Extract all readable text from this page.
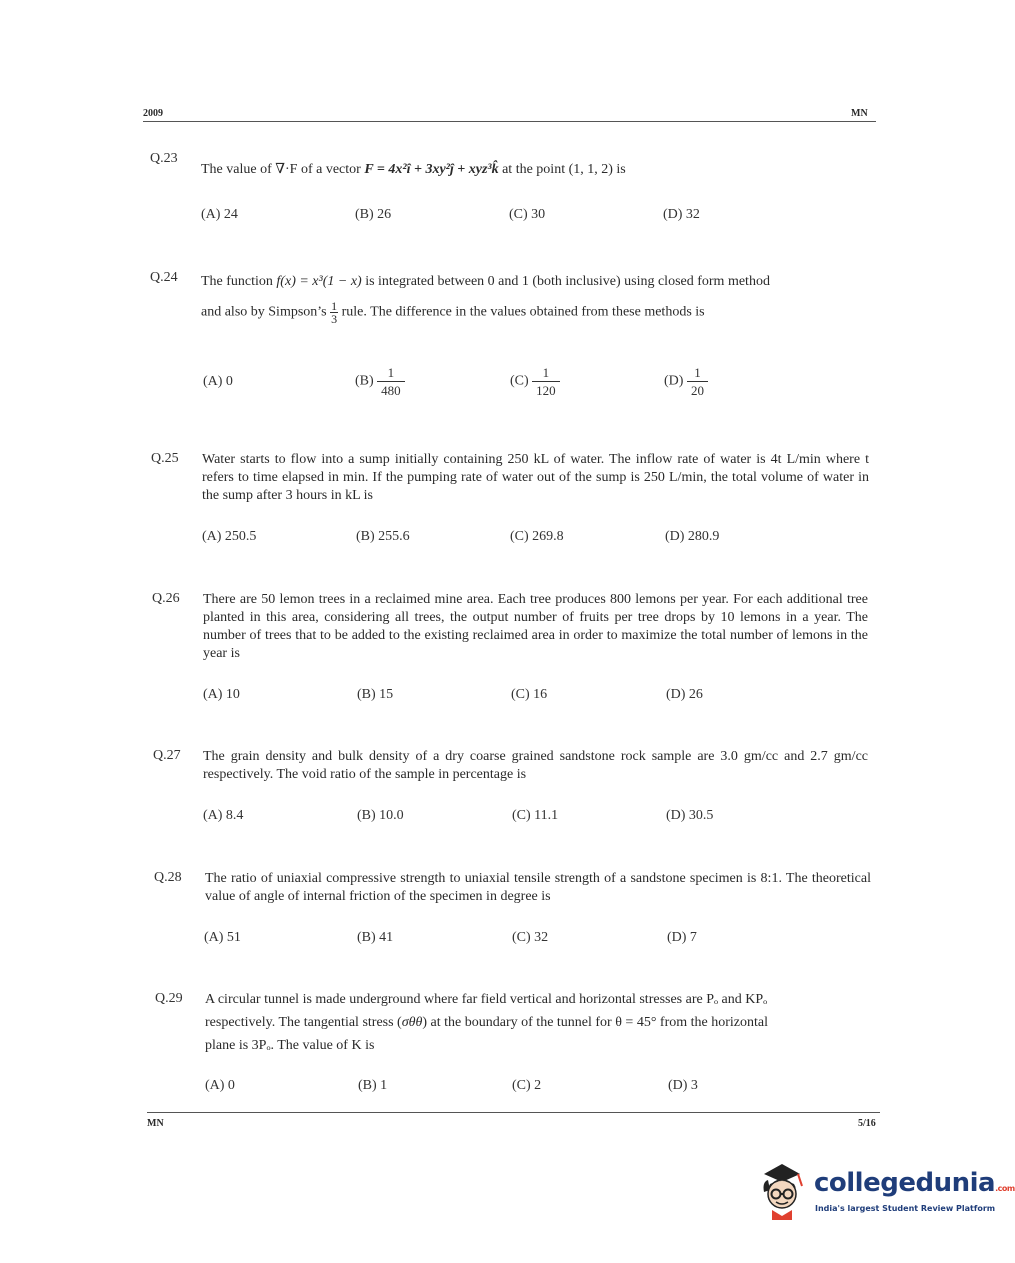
2009	MN
Q.23
The value of ∇·F of a vector F = 4x²î + 3xy²ĵ + xyz³k̂ at the point (1, 1, 2) is
(A) 24	(B) 26	(C) 30	(D) 32
Q.24 The function f(x) = x³(1 − x) is integrated between 0 and 1 (both inclusive) using closed form method
and also by Simpson’s $\frac{1}{3}$ rule. The difference in the values obtained from these methods is
(A) 0	$(B) \frac{1}{480}$	$(C) \frac{1}{120}$	$(D) \frac{1}{20}$
Q.25 Water starts to flow into a sump initially containing 250 kL of water. The inflow rate of water is 4t L/min where t refers to time elapsed in min. If the pumping rate of water out of the sump is 250 L/min, the total volume of water in the sump after 3 hours in kL is
(A) 250.5	(B) 255.6	(C) 269.8	(D) 280.9
Q.26 There are 50 lemon trees in a reclaimed mine area. Each tree produces 800 lemons per year. For each additional tree planted in this area, considering all trees, the output number of fruits per tree drops by 10 lemons in a year. The number of trees that to be added to the existing reclaimed area in order to maximize the total number of lemons in the year is
(A) 10	(B) 15	(C) 16	(D) 26
Q.27 The grain density and bulk density of a dry coarse grained sandstone rock sample are 3.0 gm/cc and 2.7 gm/cc respectively. The void ratio of the sample in percentage is
(A) 8.4	(B) 10.0	(C) 11.1	(D) 30.5
Q.28 The ratio of uniaxial compressive strength to uniaxial tensile strength of a sandstone specimen is 8:1. The theoretical value of angle of internal friction of the specimen in degree is
(A) 51	(B) 41	(C) 32	(D) 7
Q.29 A circular tunnel is made underground where far field vertical and horizontal stresses are Pₒ and KPₒ
respectively. The tangential stress (σθθ) at the boundary of the tunnel for θ = 45° from the horizontal
plane is 3Pₒ. The value of K is
(A) 0	(B) 1	(C) 2	(D) 3
MN	5/16
collegedunia.com
India's largest Student Review Platform
